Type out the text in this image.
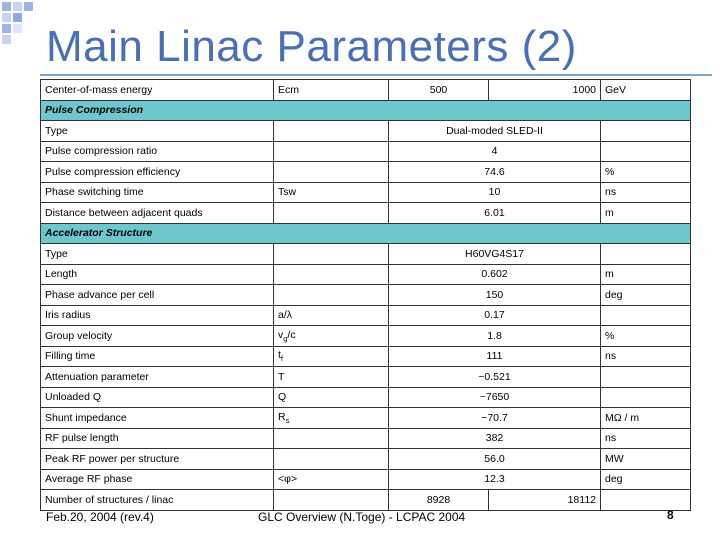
Main Linac Parameters (2)
Center-of-mass energy	Ecm	500	1000	GeV
Pulse Compression				
Type		Dual-moded SLED-II		
Pulse compression ratio		4		
Pulse compression efficiency		74.6		%
Phase switching time	Tsw	10		ns
Distance between adjacent quads		6.01		m
Accelerator Structure				
Type		H60VG4S17		
Length		0.602		m
Phase advance per cell		150		deg
Iris radius	a/λ	0.17		
Group velocity	$v_g/c$	1.8		%
Filling time	$t_f$	111		ns
Attenuation parameter	T	~0.521		
Unloaded Q	Q	~7650		
Shunt impedance	$R_s$	~70.7		MΩ / m
RF pulse length		382		ns
Peak RF power per structure		56.0		MW
Average RF phase	<φ>	12.3		deg
Number of structures / linac		8928	18112	
Feb.20, 2004 (rev.4)	GLC Overview (N.Toge) - LCPAC 2004	8
